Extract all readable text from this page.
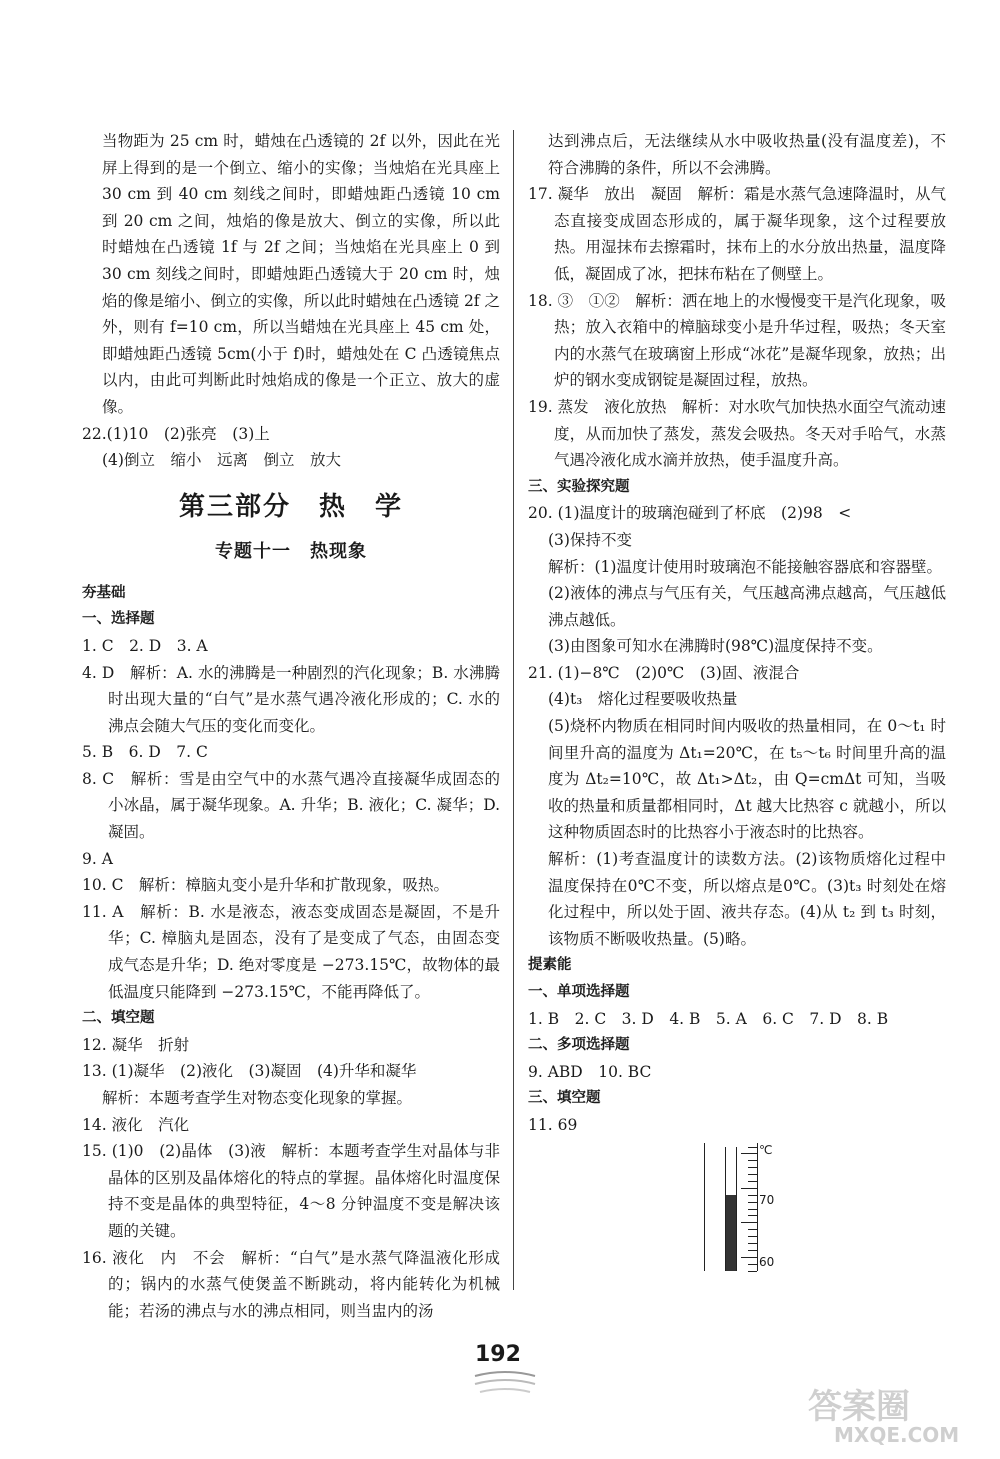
当物距为 25 cm 时，蜡烛在凸透镜的 2f 以外，因此在光屏上得到的是一个倒立、缩小的实像；当烛焰在光具座上 30 cm 到 40 cm 刻线之间时，即蜡烛距凸透镜 10 cm 到 20 cm 之间，烛焰的像是放大、倒立的实像，所以此时蜡烛在凸透镜 1f 与 2f 之间；当烛焰在光具座上 0 到 30 cm 刻线之间时，即蜡烛距凸透镜大于 20 cm 时，烛焰的像是缩小、倒立的实像，所以此时蜡烛在凸透镜 2f 之外，则有 f=10 cm，所以当蜡烛在光具座上 45 cm 处，即蜡烛距凸透镜 5cm(小于 f)时，蜡烛处在 C 凸透镜焦点以内，由此可判断此时烛焰成的像是一个正立、放大的虚像。

22.(1)10　(2)张亮　(3)上

(4)倒立　缩小　远离　倒立　放大

第三部分　热　学
专题十一　热现象

夯基础

一、选择题

1. C　2. D　3. A

4. D　解析：A. 水的沸腾是一种剧烈的汽化现象；B. 水沸腾时出现大量的“白气”是水蒸气遇冷液化形成的；C. 水的沸点会随大气压的变化而变化。

5. B　6. D　7. C

8. C　解析：雪是由空气中的水蒸气遇冷直接凝华成固态的小冰晶，属于凝华现象。A. 升华；B. 液化；C. 凝华；D. 凝固。

9. A

10. C　解析：樟脑丸变小是升华和扩散现象，吸热。

11. A　解析：B. 水是液态，液态变成固态是凝固，不是升华；C. 樟脑丸是固态，没有了是变成了气态，由固态变成气态是升华；D. 绝对零度是 −273.15℃，故物体的最低温度只能降到 −273.15℃，不能再降低了。

二、填空题

12. 凝华　折射

13. (1)凝华　(2)液化　(3)凝固　(4)升华和凝华

解析：本题考查学生对物态变化现象的掌握。

14. 液化　汽化

15. (1)0　(2)晶体　(3)液　解析：本题考查学生对晶体与非晶体的区别及晶体熔化的特点的掌握。晶体熔化时温度保持不变是晶体的典型特征，4～8 分钟温度不变是解决该题的关键。

16. 液化　内　不会　解析：“白气”是水蒸气降温液化形成的；锅内的水蒸气使煲盖不断跳动，将内能转化为机械能；若汤的沸点与水的沸点相同，则当盅内的汤

达到沸点后，无法继续从水中吸收热量(没有温度差)，不符合沸腾的条件，所以不会沸腾。

17. 凝华　放出　凝固　解析：霜是水蒸气急速降温时，从气态直接变成固态形成的，属于凝华现象，这个过程要放热。用湿抹布去擦霜时，抹布上的水分放出热量，温度降低，凝固成了冰，把抹布粘在了侧壁上。

18. ③　①②　解析：洒在地上的水慢慢变干是汽化现象，吸热；放入衣箱中的樟脑球变小是升华过程，吸热；冬天室内的水蒸气在玻璃窗上形成“冰花”是凝华现象，放热；出炉的钢水变成钢锭是凝固过程，放热。

19. 蒸发　液化放热　解析：对水吹气加快热水面空气流动速度，从而加快了蒸发，蒸发会吸热。冬天对手哈气，水蒸气遇冷液化成水滴并放热，使手温度升高。

三、实验探究题

20. (1)温度计的玻璃泡碰到了杯底　(2)98　<

(3)保持不变

解析：(1)温度计使用时玻璃泡不能接触容器底和容器壁。

(2)液体的沸点与气压有关，气压越高沸点越高，气压越低沸点越低。

(3)由图象可知水在沸腾时(98℃)温度保持不变。

21. (1)−8℃　(2)0℃　(3)固、液混合

(4)t₃　熔化过程要吸收热量

(5)烧杯内物质在相同时间内吸收的热量相同，在 0～t₁ 时间里升高的温度为 Δt₁=20℃，在 t₅～t₆ 时间里升高的温度为 Δt₂=10℃，故 Δt₁>Δt₂，由 Q=cmΔt 可知，当吸收的热量和质量都相同时，Δt 越大比热容 c 就越小，所以这种物质固态时的比热容小于液态时的比热容。

解析：(1)考查温度计的读数方法。(2)该物质熔化过程中温度保持在0℃不变，所以熔点是0℃。(3)t₃ 时刻处在熔化过程中，所以处于固、液共存态。(4)从 t₂ 到 t₃ 时刻，该物质不断吸收热量。(5)略。

提素能

一、单项选择题

1. B　2. C　3. D　4. B　5. A　6. C　7. D　8. B

二、多项选择题

9. ABD　10. BC

三、填空题

11. 69

℃
70
60
192
答案圈
MXQE.COM
